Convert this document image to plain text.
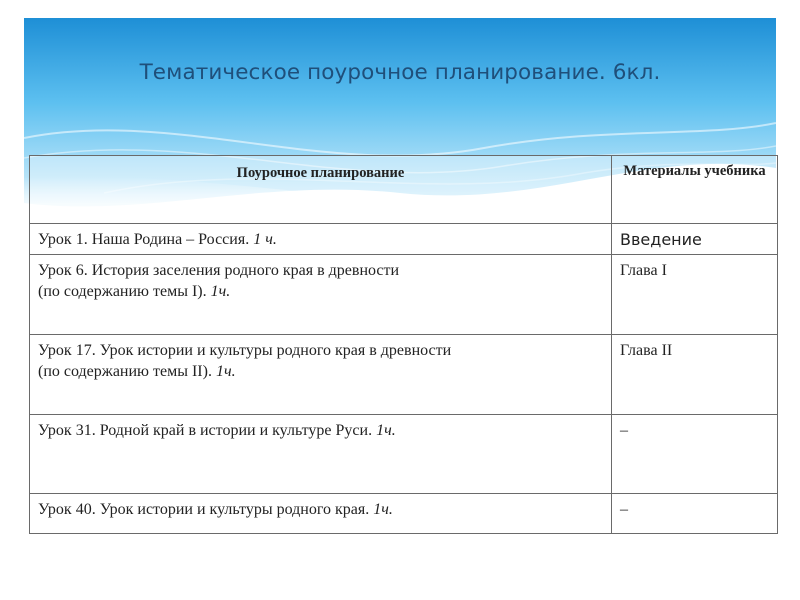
Тематическое поурочное планирование. 6кл.
Поурочное планирование	Материалы учебника
Урок 1. Наша Родина – Россия. 1 ч.	Введение
Урок 6. История заселения родного края в древности
(по содержанию темы I). 1ч.	Глава I
Урок 17. Урок истории и культуры родного края в древности
(по содержанию темы II). 1ч.	Глава II
Урок 31. Родной край в истории и культуре Руси. 1ч.	–
Урок 40. Урок истории и культуры родного края. 1ч.	–
